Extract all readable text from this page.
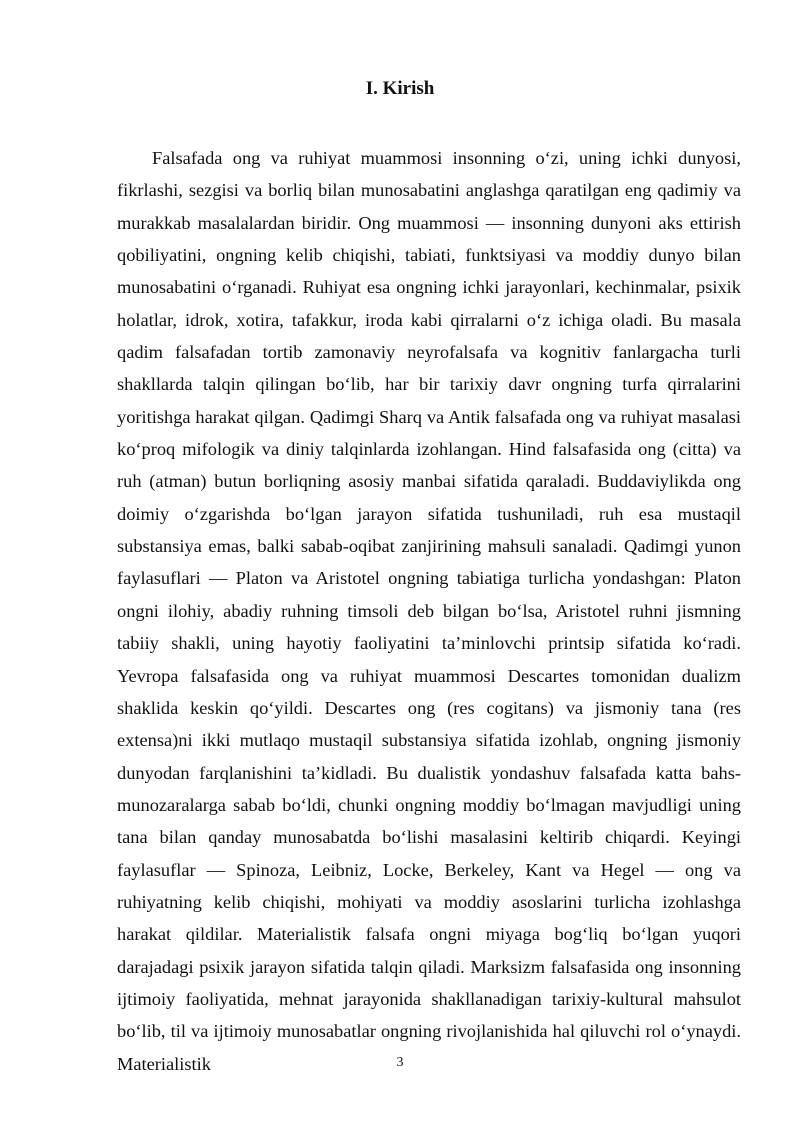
I. Kirish

Falsafada ong va ruhiyat muammosi insonning o‘zi, uning ichki dunyosi, fikrlashi, sezgisi va borliq bilan munosabatini anglashga qaratilgan eng qadimiy va murakkab masalalardan biridir. Ong muammosi — insonning dunyoni aks ettirish qobiliyatini, ongning kelib chiqishi, tabiati, funktsiyasi va moddiy dunyo bilan munosabatini o‘rganadi. Ruhiyat esa ongning ichki jarayonlari, kechinmalar, psixik holatlar, idrok, xotira, tafakkur, iroda kabi qirralarni o‘z ichiga oladi. Bu masala qadim falsafadan tortib zamonaviy neyrofalsafa va kognitiv fanlargacha turli shakllarda talqin qilingan bo‘lib, har bir tarixiy davr ongning turfa qirralarini yoritishga harakat qilgan. Qadimgi Sharq va Antik falsafada ong va ruhiyat masalasi ko‘proq mifologik va diniy talqinlarda izohlangan. Hind falsafasida ong (citta) va ruh (atman) butun borliqning asosiy manbai sifatida qaraladi. Buddaviylikda ong doimiy o‘zgarishda bo‘lgan jarayon sifatida tushuniladi, ruh esa mustaqil substansiya emas, balki sabab-oqibat zanjirining mahsuli sanaladi. Qadimgi yunon faylasuflari — Platon va Aristotel ongning tabiatiga turlicha yondashgan: Platon ongni ilohiy, abadiy ruhning timsoli deb bilgan bo‘lsa, Aristotel ruhni jismning tabiiy shakli, uning hayotiy faoliyatini ta’minlovchi printsip sifatida ko‘radi. Yevropa falsafasida ong va ruhiyat muammosi Descartes tomonidan dualizm shaklida keskin qo‘yildi. Descartes ong (res cogitans) va jismoniy tana (res extensa)ni ikki mutlaqo mustaqil substansiya sifatida izohlab, ongning jismoniy dunyodan farqlanishini ta’kidladi. Bu dualistik yondashuv falsafada katta bahs-munozaralarga sabab bo‘ldi, chunki ongning moddiy bo‘lmagan mavjudligi uning tana bilan qanday munosabatda bo‘lishi masalasini keltirib chiqardi. Keyingi faylasuflar — Spinoza, Leibniz, Locke, Berkeley, Kant va Hegel — ong va ruhiyatning kelib chiqishi, mohiyati va moddiy asoslarini turlicha izohlashga harakat qildilar. Materialistik falsafa ongni miyaga bog‘liq bo‘lgan yuqori darajadagi psixik jarayon sifatida talqin qiladi. Marksizm falsafasida ong insonning ijtimoiy faoliyatida, mehnat jarayonida shakllanadigan tarixiy-kultural mahsulot bo‘lib, til va ijtimoiy munosabatlar ongning rivojlanishida hal qiluvchi rol o‘ynaydi. Materialistik	3
